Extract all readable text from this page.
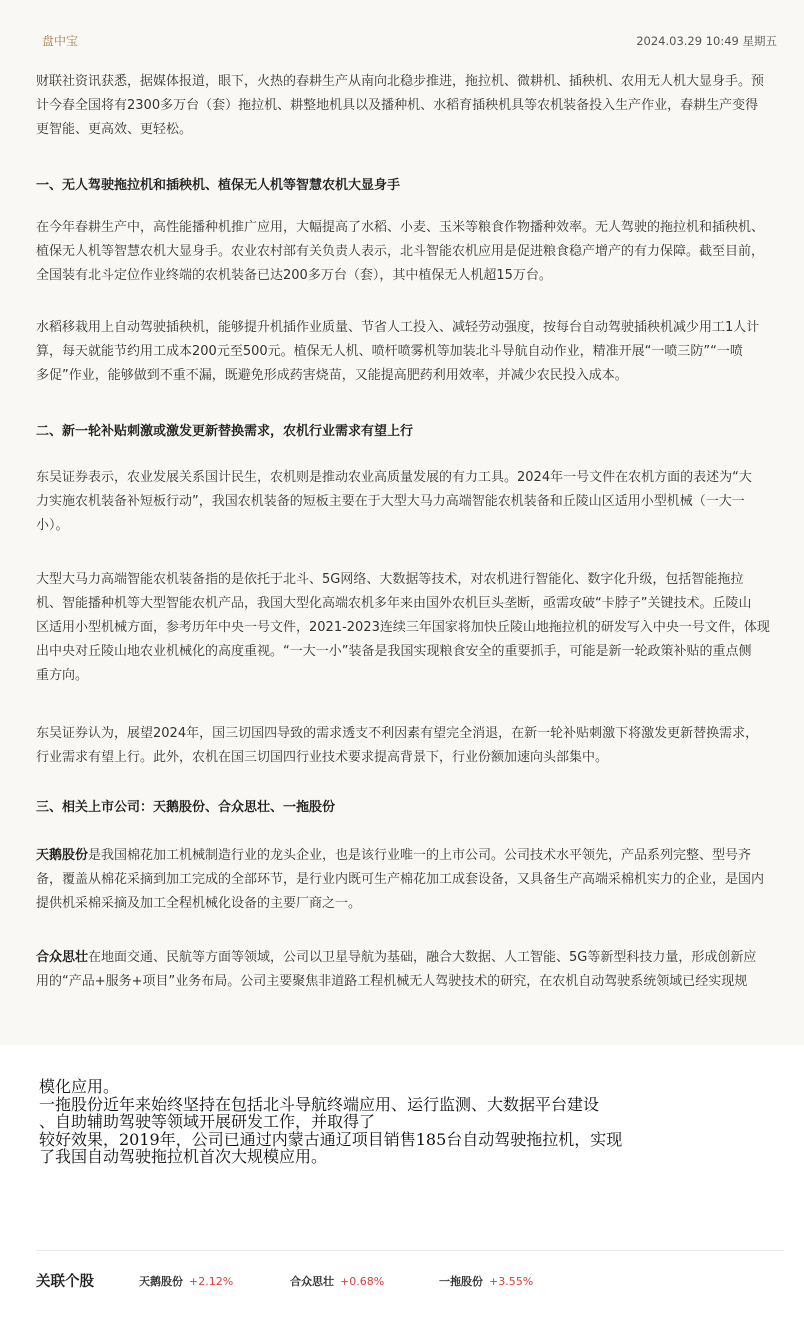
盘中宝	2024.03.29 10:49 星期五

财联社资讯获悉，据媒体报道，眼下，火热的春耕生产从南向北稳步推进，拖拉机、微耕机、插秧机、农用无人机大显身手。预
计今春全国将有2300多万台（套）拖拉机、耕整地机具以及播种机、水稻育插秧机具等农机装备投入生产作业，春耕生产变得
更智能、更高效、更轻松。

一、无人驾驶拖拉机和插秧机、植保无人机等智慧农机大显身手

在今年春耕生产中，高性能播种机推广应用，大幅提高了水稻、小麦、玉米等粮食作物播种效率。无人驾驶的拖拉机和插秧机、
植保无人机等智慧农机大显身手。农业农村部有关负责人表示，北斗智能农机应用是促进粮食稳产增产的有力保障。截至目前，
全国装有北斗定位作业终端的农机装备已达200多万台（套），其中植保无人机超15万台。

水稻移栽用上自动驾驶插秧机，能够提升机插作业质量、节省人工投入、减轻劳动强度，按每台自动驾驶插秧机减少用工1人计
算，每天就能节约用工成本200元至500元。植保无人机、喷杆喷雾机等加装北斗导航自动作业，精准开展“一喷三防”“一喷
多促”作业，能够做到不重不漏，既避免形成药害烧苗，又能提高肥药利用效率，并减少农民投入成本。

二、新一轮补贴刺激或激发更新替换需求，农机行业需求有望上行

东吴证券表示，农业发展关系国计民生，农机则是推动农业高质量发展的有力工具。2024年一号文件在农机方面的表述为“大
力实施农机装备补短板行动”，我国农机装备的短板主要在于大型大马力高端智能农机装备和丘陵山区适用小型机械（一大一
小）。

大型大马力高端智能农机装备指的是依托于北斗、5G网络、大数据等技术，对农机进行智能化、数字化升级，包括智能拖拉
机、智能播种机等大型智能农机产品，我国大型化高端农机多年来由国外农机巨头垄断，亟需攻破“卡脖子”关键技术。丘陵山
区适用小型机械方面，参考历年中央一号文件，2021-2023连续三年国家将加快丘陵山地拖拉机的研发写入中央一号文件，体现
出中央对丘陵山地农业机械化的高度重视。“一大一小”装备是我国实现粮食安全的重要抓手，可能是新一轮政策补贴的重点侧
重方向。

东吴证券认为，展望2024年，国三切国四导致的需求透支不利因素有望完全消退，在新一轮补贴刺激下将激发更新替换需求，
行业需求有望上行。此外，农机在国三切国四行业技术要求提高背景下，行业份额加速向头部集中。

三、相关上市公司：天鹅股份、合众思壮、一拖股份

天鹅股份是我国棉花加工机械制造行业的龙头企业，也是该行业唯一的上市公司。公司技术水平领先，产品系列完整、型号齐
备，覆盖从棉花采摘到加工完成的全部环节，是行业内既可生产棉花加工成套设备，又具备生产高端采棉机实力的企业，是国内
提供机采棉采摘及加工全程机械化设备的主要厂商之一。

合众思壮在地面交通、民航等方面等领域，公司以卫星导航为基础，融合大数据、人工智能、5G等新型科技力量，形成创新应
用的“产品+服务+项目”业务布局。公司主要聚焦非道路工程机械无人驾驶技术的研究，在农机自动驾驶系统领域已经实现规

模化应用。
一拖股份近年来始终坚持在包括北斗导航终端应用、运行监测、大数据平台建设
、自助辅助驾驶等领域开展研发工作，并取得了
较好效果，2019年，公司已通过内蒙古通辽项目销售185台自动驾驶拖拉机，实现
了我国自动驾驶拖拉机首次大规模应用。
关联个股	天鹅股份 +2.12%	合众思壮 +0.68%	一拖股份 +3.55%
